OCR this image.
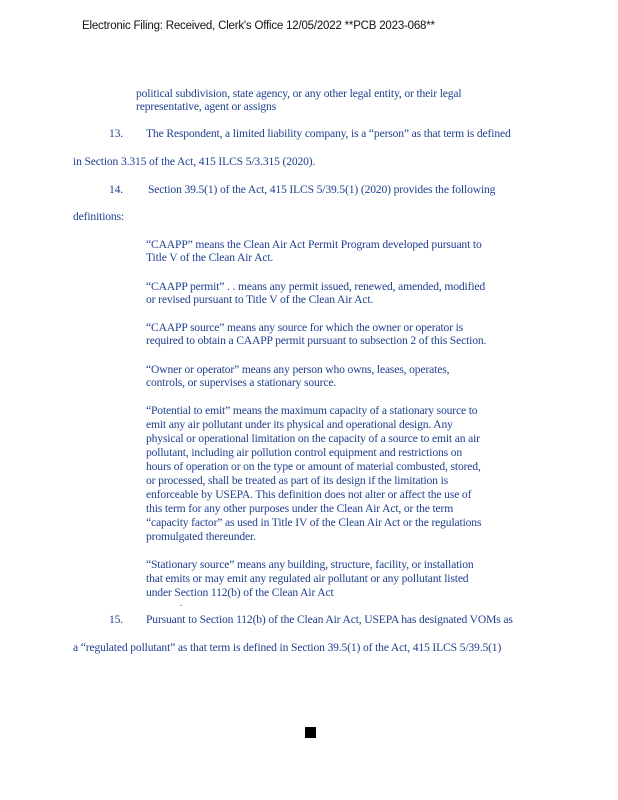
Electronic Filing: Received, Clerk's Office 12/05/2022 **PCB 2023-068**
political subdivision, state agency, or any other legal entity, or their legal
representative, agent or assigns
13. The Respondent, a limited liability company, is a “person” as that term is defined
in Section 3.315 of the Act, 415 ILCS 5/3.315 (2020).
14. Section 39.5(1) of the Act, 415 ILCS 5/39.5(1) (2020) provides the following
definitions:
“CAAPP” means the Clean Air Act Permit Program developed pursuant to
Title V of the Clean Air Act.
“CAAPP permit” . . means any permit issued, renewed, amended, modified
or revised pursuant to Title V of the Clean Air Act.
“CAAPP source” means any source for which the owner or operator is
required to obtain a CAAPP permit pursuant to subsection 2 of this Section.
“Owner or operator” means any person who owns, leases, operates,
controls, or supervises a stationary source.
“Potential to emit” means the maximum capacity of a stationary source to
emit any air pollutant under its physical and operational design. Any
physical or operational limitation on the capacity of a source to emit an air
pollutant, including air pollution control equipment and restrictions on
hours of operation or on the type or amount of material combusted, stored,
or processed, shall be treated as part of its design if the limitation is
enforceable by USEPA. This definition does not alter or affect the use of
this term for any other purposes under the Clean Air Act, or the term
“capacity factor” as used in Title IV of the Clean Air Act or the regulations
promulgated thereunder.
“Stationary source” means any building, structure, facility, or installation
that emits or may emit any regulated air pollutant or any pollutant listed
under Section 112(b) of the Clean Air Act
.
15. Pursuant to Section 112(b) of the Clean Air Act, USEPA has designated VOMs as
a “regulated pollutant” as that term is defined in Section 39.5(1) of the Act, 415 ILCS 5/39.5(1)
